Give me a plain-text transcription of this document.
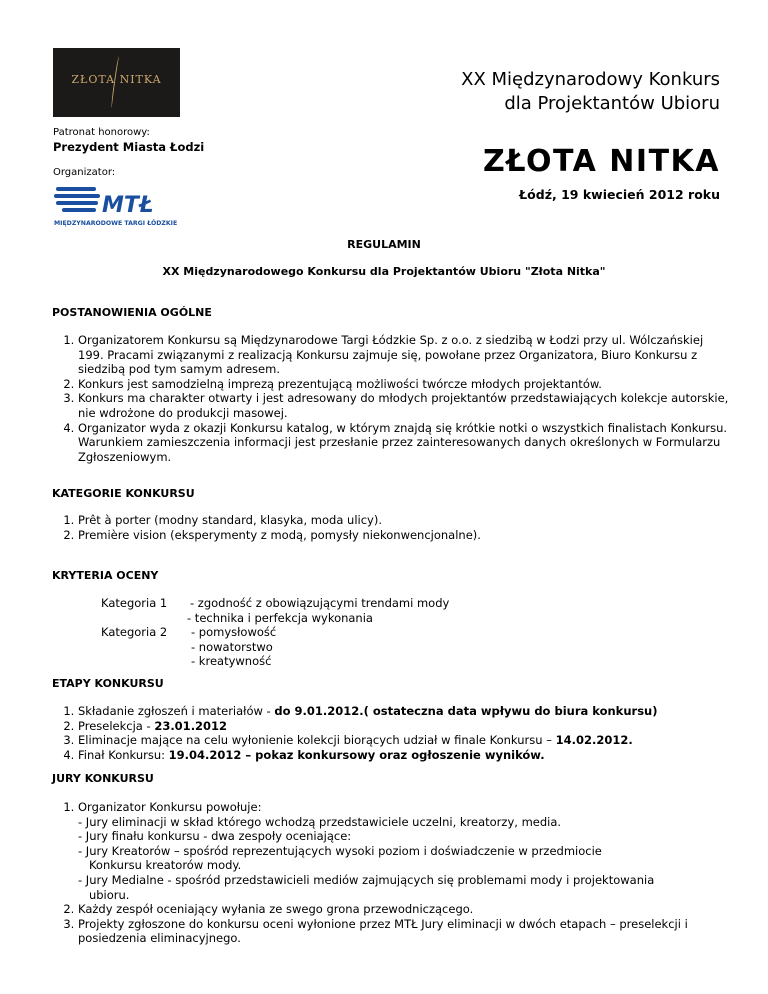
ZŁOTA NITKA	XX Międzynarodowy Konkurs
dla Projektantów Ubioru
Patronat honorowy:
Prezydent Miasta Łodzi
Organizator:
MTŁ
MIĘDZYNARODOWE TARGI ŁÓDZKIE
ZŁOTA NITKA
Łódź, 19 kwiecień 2012 roku
REGULAMIN
XX Międzynarodowego Konkursu dla Projektantów Ubioru "Złota Nitka"
POSTANOWIENIA OGÓLNE
1. Organizatorem Konkursu są Międzynarodowe Targi Łódzkie Sp. z o.o. z siedzibą w Łodzi przy ul. Wólczańskiej 199. Pracami związanymi z realizacją Konkursu zajmuje się, powołane przez Organizatora, Biuro Konkursu z siedzibą pod tym samym adresem.
2. Konkurs jest samodzielną imprezą prezentującą możliwości twórcze młodych projektantów.
3. Konkurs ma charakter otwarty i jest adresowany do młodych projektantów przedstawiających kolekcje autorskie, nie wdrożone do produkcji masowej.
4. Organizator wyda z okazji Konkursu katalog, w którym znajdą się krótkie notki o wszystkich finalistach Konkursu. Warunkiem zamieszczenia informacji jest przesłanie przez zainteresowanych danych określonych w Formularzu Zgłoszeniowym.
KATEGORIE KONKURSU
1. Prêt à porter (modny standard, klasyka, moda ulicy).
2. Première vision (eksperymenty z modą, pomysły niekonwencjonalne).
KRYTERIA OCENY
Kategoria 1
Kategoria 2
- zgodność z obowiązującymi trendami mody
- technika i perfekcja wykonania
- pomysłowość
- nowatorstwo
- kreatywność
ETAPY KONKURSU
1. Składanie zgłoszeń i materiałów - do 9.01.2012.( ostateczna data wpływu do biura konkursu)
2. Preselekcja - 23.01.2012
3. Eliminacje mające na celu wyłonienie kolekcji biorących udział w finale Konkursu – 14.02.2012.
4. Finał Konkursu: 19.04.2012 – pokaz konkursowy oraz ogłoszenie wyników.
JURY KONKURSU
1. Organizator Konkursu powołuje:
- Jury eliminacji w skład którego wchodzą przedstawiciele uczelni, kreatorzy, media.
- Jury finału konkursu - dwa zespoły oceniające:
- Jury Kreatorów – spośród reprezentujących wysoki poziom i doświadczenie w przedmiocie
Konkursu kreatorów mody.
- Jury Medialne - spośród przedstawicieli mediów zajmujących się problemami mody i projektowania
ubioru.
2. Każdy zespół oceniający wyłania ze swego grona przewodniczącego.
3. Projekty zgłoszone do konkursu oceni wyłonione przez MTŁ Jury eliminacji w dwóch etapach – preselekcji i posiedzenia eliminacyjnego.
